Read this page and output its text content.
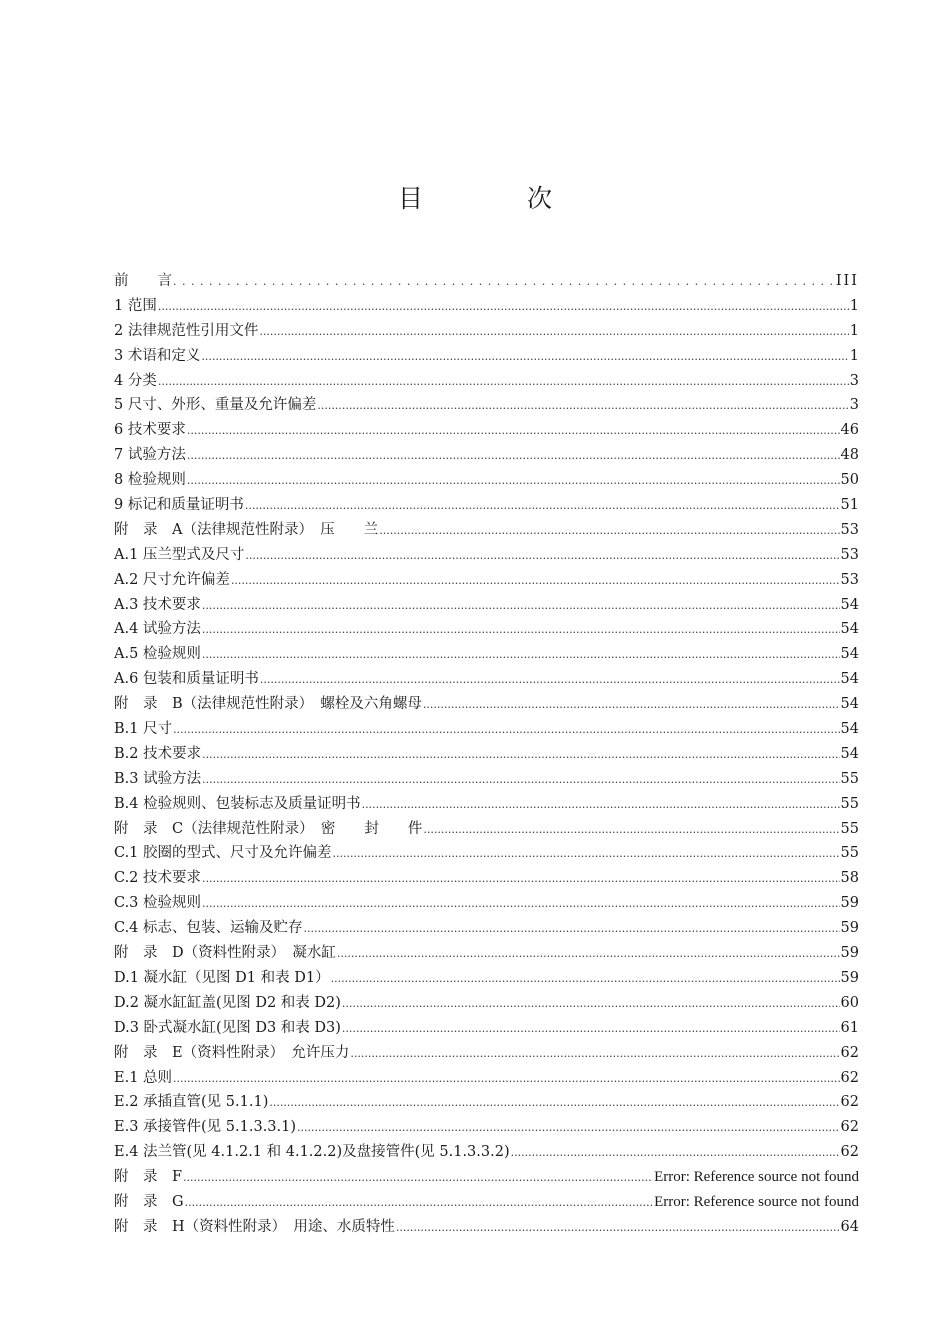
目 次
前　　言 . . .	III
1 范围 .....	1
2 法律规范性引用文件 .....	1
3 术语和定义 .....	1
4 分类 .....	3
5 尺寸、外形、重量及允许偏差 .....	3
6 技术要求 .....	46
7 试验方法 .....	48
8 检验规则 .....	50
9 标记和质量证明书 .....	51
附　录　A（法律规范性附录）　压　　兰 .....	53
A.1 压兰型式及尺寸 .....	53
A.2 尺寸允许偏差 .....	53
A.3 技术要求 .....	54
A.4 试验方法 .....	54
A.5 检验规则 .....	54
A.6 包装和质量证明书 .....	54
附　录　B（法律规范性附录）　螺栓及六角螺母 .....	54
B.1 尺寸 .....	54
B.2 技术要求 .....	54
B.3 试验方法 .....	55
B.4 检验规则、包装标志及质量证明书 .....	55
附　录　C（法律规范性附录）　密　　封　　件 .....	55
C.1 胶圈的型式、尺寸及允许偏差 .....	55
C.2 技术要求 .....	58
C.3 检验规则 .....	59
C.4 标志、包装、运输及贮存 .....	59
附　录　D（资料性附录）　凝水缸 .....	59
D.1 凝水缸（见图 D1 和表 D1） .....	59
D.2 凝水缸缸盖(见图 D2 和表 D2) .....	60
D.3 卧式凝水缸(见图 D3 和表 D3) .....	61
附　录　E（资料性附录）　允许压力 .....	62
E.1 总则 .....	62
E.2 承插直管(见 5.1.1) .....	62
E.3 承接管件(见 5.1.3.3.1) .....	62
E.4 法兰管(见 4.1.2.1 和 4.1.2.2)及盘接管件(见 5.1.3.3.2) .....	62
附　录　F .....	Error: Reference source not found
附　录　G .....	Error: Reference source not found
附　录　H（资料性附录）　用途、水质特性 .....	64
